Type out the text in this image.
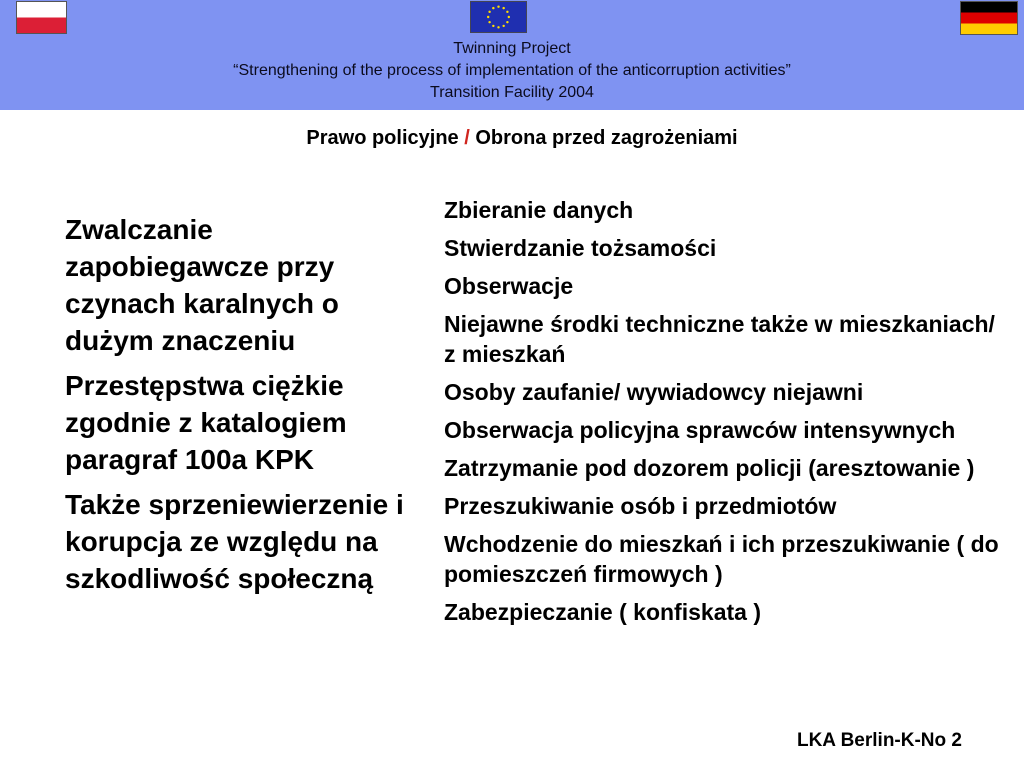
Twinning Project
“Strengthening of the process of implementation of the anticorruption activities”
Transition Facility 2004
Prawo policyjne / Obrona przed zagrożeniami

Zwalczanie zapobiegawcze przy czynach karalnych o dużym znaczeniu

Przestępstwa ciężkie zgodnie z katalogiem paragraf 100a KPK

Także sprzeniewierzenie i korupcja ze względu na szkodliwość społeczną

Zbieranie danych

Stwierdzanie tożsamości

Obserwacje

Niejawne środki techniczne także w mieszkaniach/ z mieszkań

Osoby zaufanie/ wywiadowcy niejawni

Obserwacja policyjna sprawców intensywnych

Zatrzymanie pod dozorem policji (aresztowanie )

Przeszukiwanie osób i przedmiotów

Wchodzenie do mieszkań i ich przeszukiwanie ( do pomieszczeń firmowych )

Zabezpieczanie ( konfiskata )

LKA Berlin-K-No 2
